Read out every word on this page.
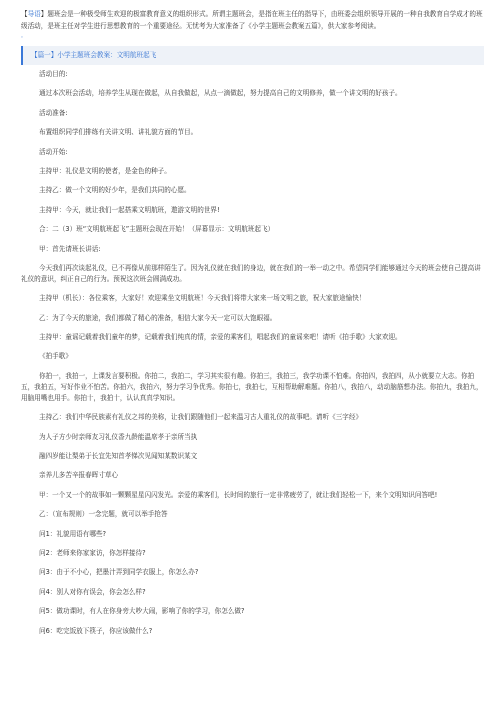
【导语】题班会是一种极受师生欢迎的极富教育意义的组织形式。所谓主题班会，是指在班主任的指导下，由班委会组织领导开展的一种自我教育自学成才的班级活动，是班主任对学生进行思想教育的一个重要途径。无忧考为大家准备了《小学主题班会教案五篇》，供大家参考阅读。

。
【篇一】小学主题班会教案：文明航班起飞

活动目的:

通过本次班会活动，培养学生从现在做起，从自我做起，从点一滴做起，努力提高自己的文明修养，做一个讲文明的好孩子。

活动准备:

布置组织同学们排练有关讲文明、讲礼貌方面的节目。

活动开始:

主持甲：礼仪是文明的使者，是金色的种子。

主持乙：做一个文明的好少年，是我们共同的心愿。

主持甲：今天，就让我们一起搭乘文明航班，遨游文明的世界!

合：二（3）班“文明航班起飞”主题班会现在开始！（屏幕显示：文明航班起飞）

甲：首先请班长讲话:

今天我们再次谈起礼仪，已不再像从前那样陌生了。因为礼仪就在我们的身边，就在我们的一举一动之中。希望同学们能够通过今天的班会使自己提高讲礼仪的意识，纠正自己的行为。预祝这次班会圆满成功。

主持甲（机长）：各位乘客，大家好！欢迎乘坐文明航班！今天我们将带大家来一场文明之旅，祝大家旅途愉快！

乙：为了今天的旅途，我们都做了精心的准备，相信大家今天一定可以大饱眼福。

主持甲：童谣记载着我们童年的梦，记载着我们纯真的情，亲爱的乘客们，唱起我们的童谣来吧！请听《拍手歌》大家欢迎。

《拍手歌》

你拍一，我拍一，上课发言要积极。你拍二，我拍二，学习其实很有趣。你拍三，我拍三，我学功课不怕难。你拍四，我拍四，从小就要立大志。你拍五，我拍五，写好作业不怕苦。你拍六，我拍六，努力学习争优秀。你拍七，我拍七，互相帮助解难题。你拍八，我拍八，动动脑筋想办法。你拍九，我拍九，用脑用嘴也用手。你拍十，我拍十，认认真真学知识。

主持乙：我们中华民族素有礼仪之邦的美称，让我们跟随他们一起来温习古人重礼仪的故事吧。请听《三字经》

为人子方少时亲师友习礼仪香九龄能温席孝于亲所当执

融四岁能让梨弟于长宜先知首孝悌次见闻知某数识某文

亲养儿多苦辛报春晖寸草心

甲：一个又一个的故事如一颗颗星星闪闪发光。亲爱的乘客们，长时间的旅行一定非常疲劳了，就让我们轻松一下，来个文明知识问答吧!

乙：（宣布规则）一念完题，就可以举手抢答

问1：礼貌用语有哪些?

问2：老师来你家家访，你怎样接待?

问3：由于不小心，把墨汁弄到同学衣服上，你怎么办?

问4：别人对你有误会，你会怎么样?

问5：做功课时，有人在你身旁大吵大闹，影响了你的学习，你怎么做?

问6：吃完饭放下筷子，你应该做什么?
